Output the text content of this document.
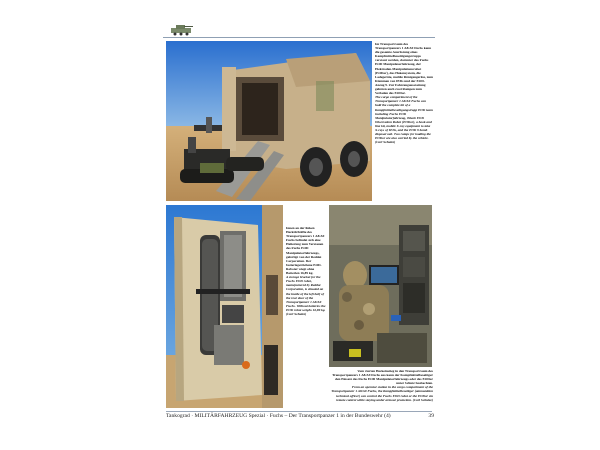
Im Transportraum des Transportpanzers 1 A8/A9 Fuchs kann die gesamte Ausrüstung eines Kampfmittelbeseitigungstrupps verstaut werden, darunter das Fuchs EOD Manipulatorfahrzeug, der Elektroden-Manipulationsrobot (EODor), das Hakensystem, die Ladegeräte, mobile Röntgengeräte, zum Klemmen von IEDs und der EOD-Anzug 9. Zur Fahrzeugausstattung gehören auch zwei Rampen zum Verladen des EODor.

The cargo compartment of the Transportpanzer 1 A8/A9 Fuchs can hold the complete kit of a Kampfmittelbeseitigungstrupp EOD team including Fuchs EOD Manipulatorfahrzeug, Teleob EOD Observation Robot (EODor), a hook and line kit, mobile X-ray equipment to take X-rays of IEDs, and the EOD 9 bomb disposal suit. Two ramps for loading the EODor are also carried by the vehicle. (Carl Schulze)

Innen an der linken Hecktürhälfte des Transportpanzers 1 A8/A9 Fuchs befindet sich eine Halterung zum Verstauen des Fuchs EOD Manipulatorfahrzeugs, gefertigt von der Reddot Corporation. Der batteriegetriebene EOD-Roboter wiegt ohne Batterien 16,89 kg.

A storage bracket for the Fuchs EOD robot, manufactured by Reddot Corporation, is situated on the inside of the left half of the rear door of the Transportpanzer 1 A8/A9 Fuchs. Without batteries the EOD robot weighs 16,89 kg. (Carl Schulze)

Vom vierten Heckeinstieg in den Transportraum des Transportpanzers 1 A8/A9 Fuchs aus kann der Kampfmittelbeseitiger den Einsatz des Fuchs EOD Manipulatorfahrzeugs oder des EODor unter Schutz beobachten.

From an operator station in the cargo compartment of the Transportpanzer 1 A8/A9 Fuchs, the Kampfmittelbeseitiger (ammunition technical officer) can control the Fuchs EOD robot or the EODor via remote control while staying under armour protection. (Carl Schulze)

Tankograd · MILITÄRFAHRZEUG Spezial · Fuchs – Der Transportpanzer 1 in der Bundeswehr (4)	39
